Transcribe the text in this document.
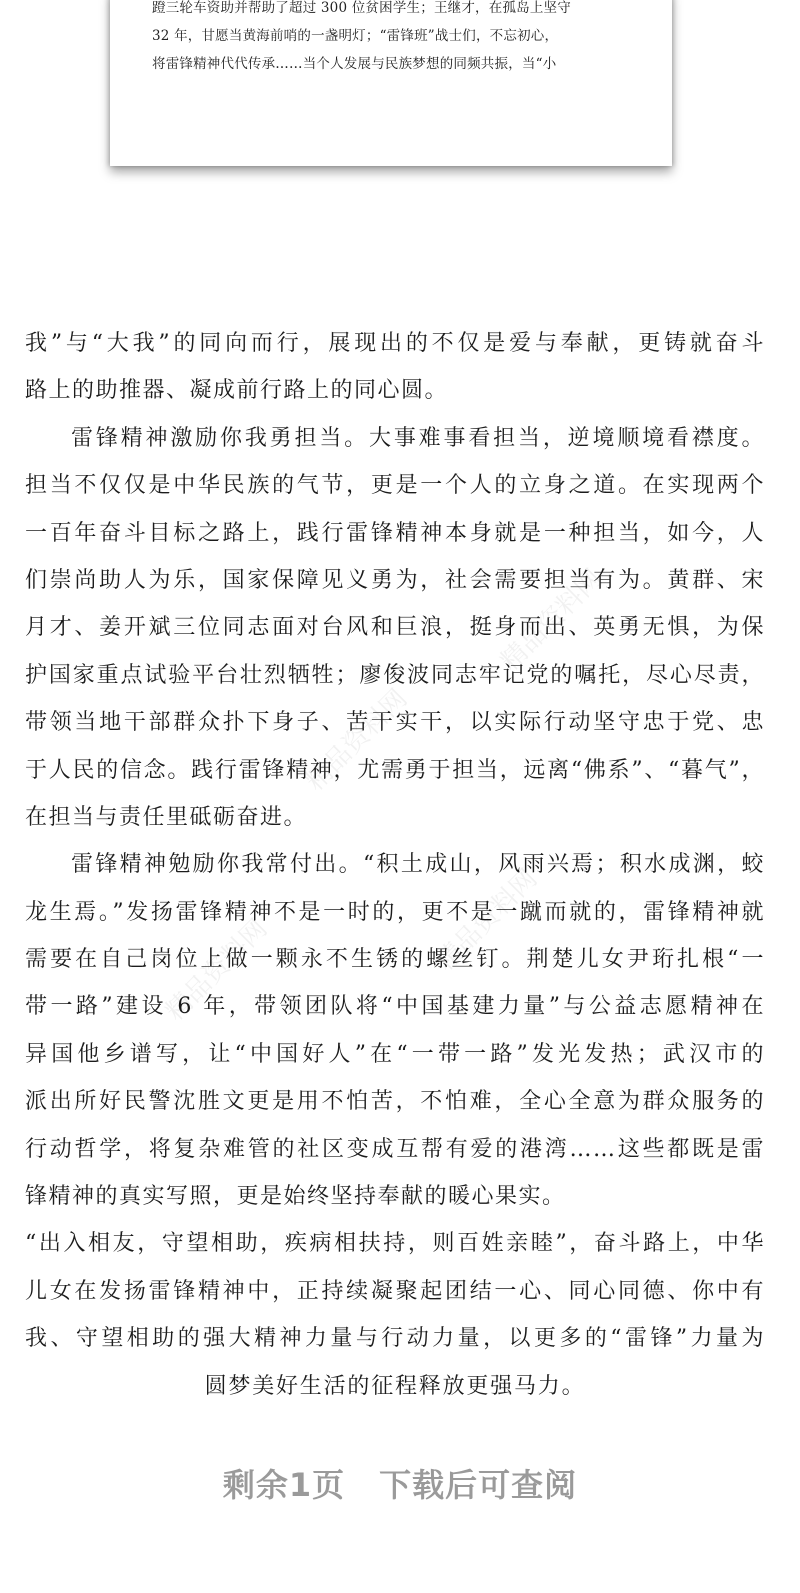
蹬三轮车资助并帮助了超过 300 位贫困学生；王继才，在孤岛上坚守
32 年，甘愿当黄海前哨的一盏明灯；“雷锋班”战士们，不忘初心，
将雷锋精神代代传承……当个人发展与民族梦想的同频共振，当“小
精品资料网
精品资料网
精品资料网	精品资料网
我”与“大我”的同向而行，展现出的不仅是爱与奉献，更铸就奋斗
路上的助推器、凝成前行路上的同心圆。
雷锋精神激励你我勇担当。大事难事看担当，逆境顺境看襟度。
担当不仅仅是中华民族的气节，更是一个人的立身之道。在实现两个
一百年奋斗目标之路上，践行雷锋精神本身就是一种担当，如今，人
们崇尚助人为乐，国家保障见义勇为，社会需要担当有为。黄群、宋
月才、姜开斌三位同志面对台风和巨浪，挺身而出、英勇无惧，为保
护国家重点试验平台壮烈牺牲；廖俊波同志牢记党的嘱托，尽心尽责，
带领当地干部群众扑下身子、苦干实干，以实际行动坚守忠于党、忠
于人民的信念。践行雷锋精神，尤需勇于担当，远离“佛系”、“暮气”，
在担当与责任里砥砺奋进。
雷锋精神勉励你我常付出。“积土成山，风雨兴焉；积水成渊，蛟
龙生焉。”发扬雷锋精神不是一时的，更不是一蹴而就的，雷锋精神就
需要在自己岗位上做一颗永不生锈的螺丝钉。荆楚儿女尹珩扎根“一
带一路”建设 6 年，带领团队将“中国基建力量”与公益志愿精神在
异国他乡谱写，让“中国好人”在“一带一路”发光发热；武汉市的
派出所好民警沈胜文更是用不怕苦，不怕难，全心全意为群众服务的
行动哲学，将复杂难管的社区变成互帮有爱的港湾……这些都既是雷
锋精神的真实写照，更是始终坚持奉献的暖心果实。
“出入相友，守望相助，疾病相扶持，则百姓亲睦”，奋斗路上，中华
儿女在发扬雷锋精神中，正持续凝聚起团结一心、同心同德、你中有
我、守望相助的强大精神力量与行动力量，以更多的“雷锋”力量为
圆梦美好生活的征程释放更强马力。
剩余1页 下载后可查阅
